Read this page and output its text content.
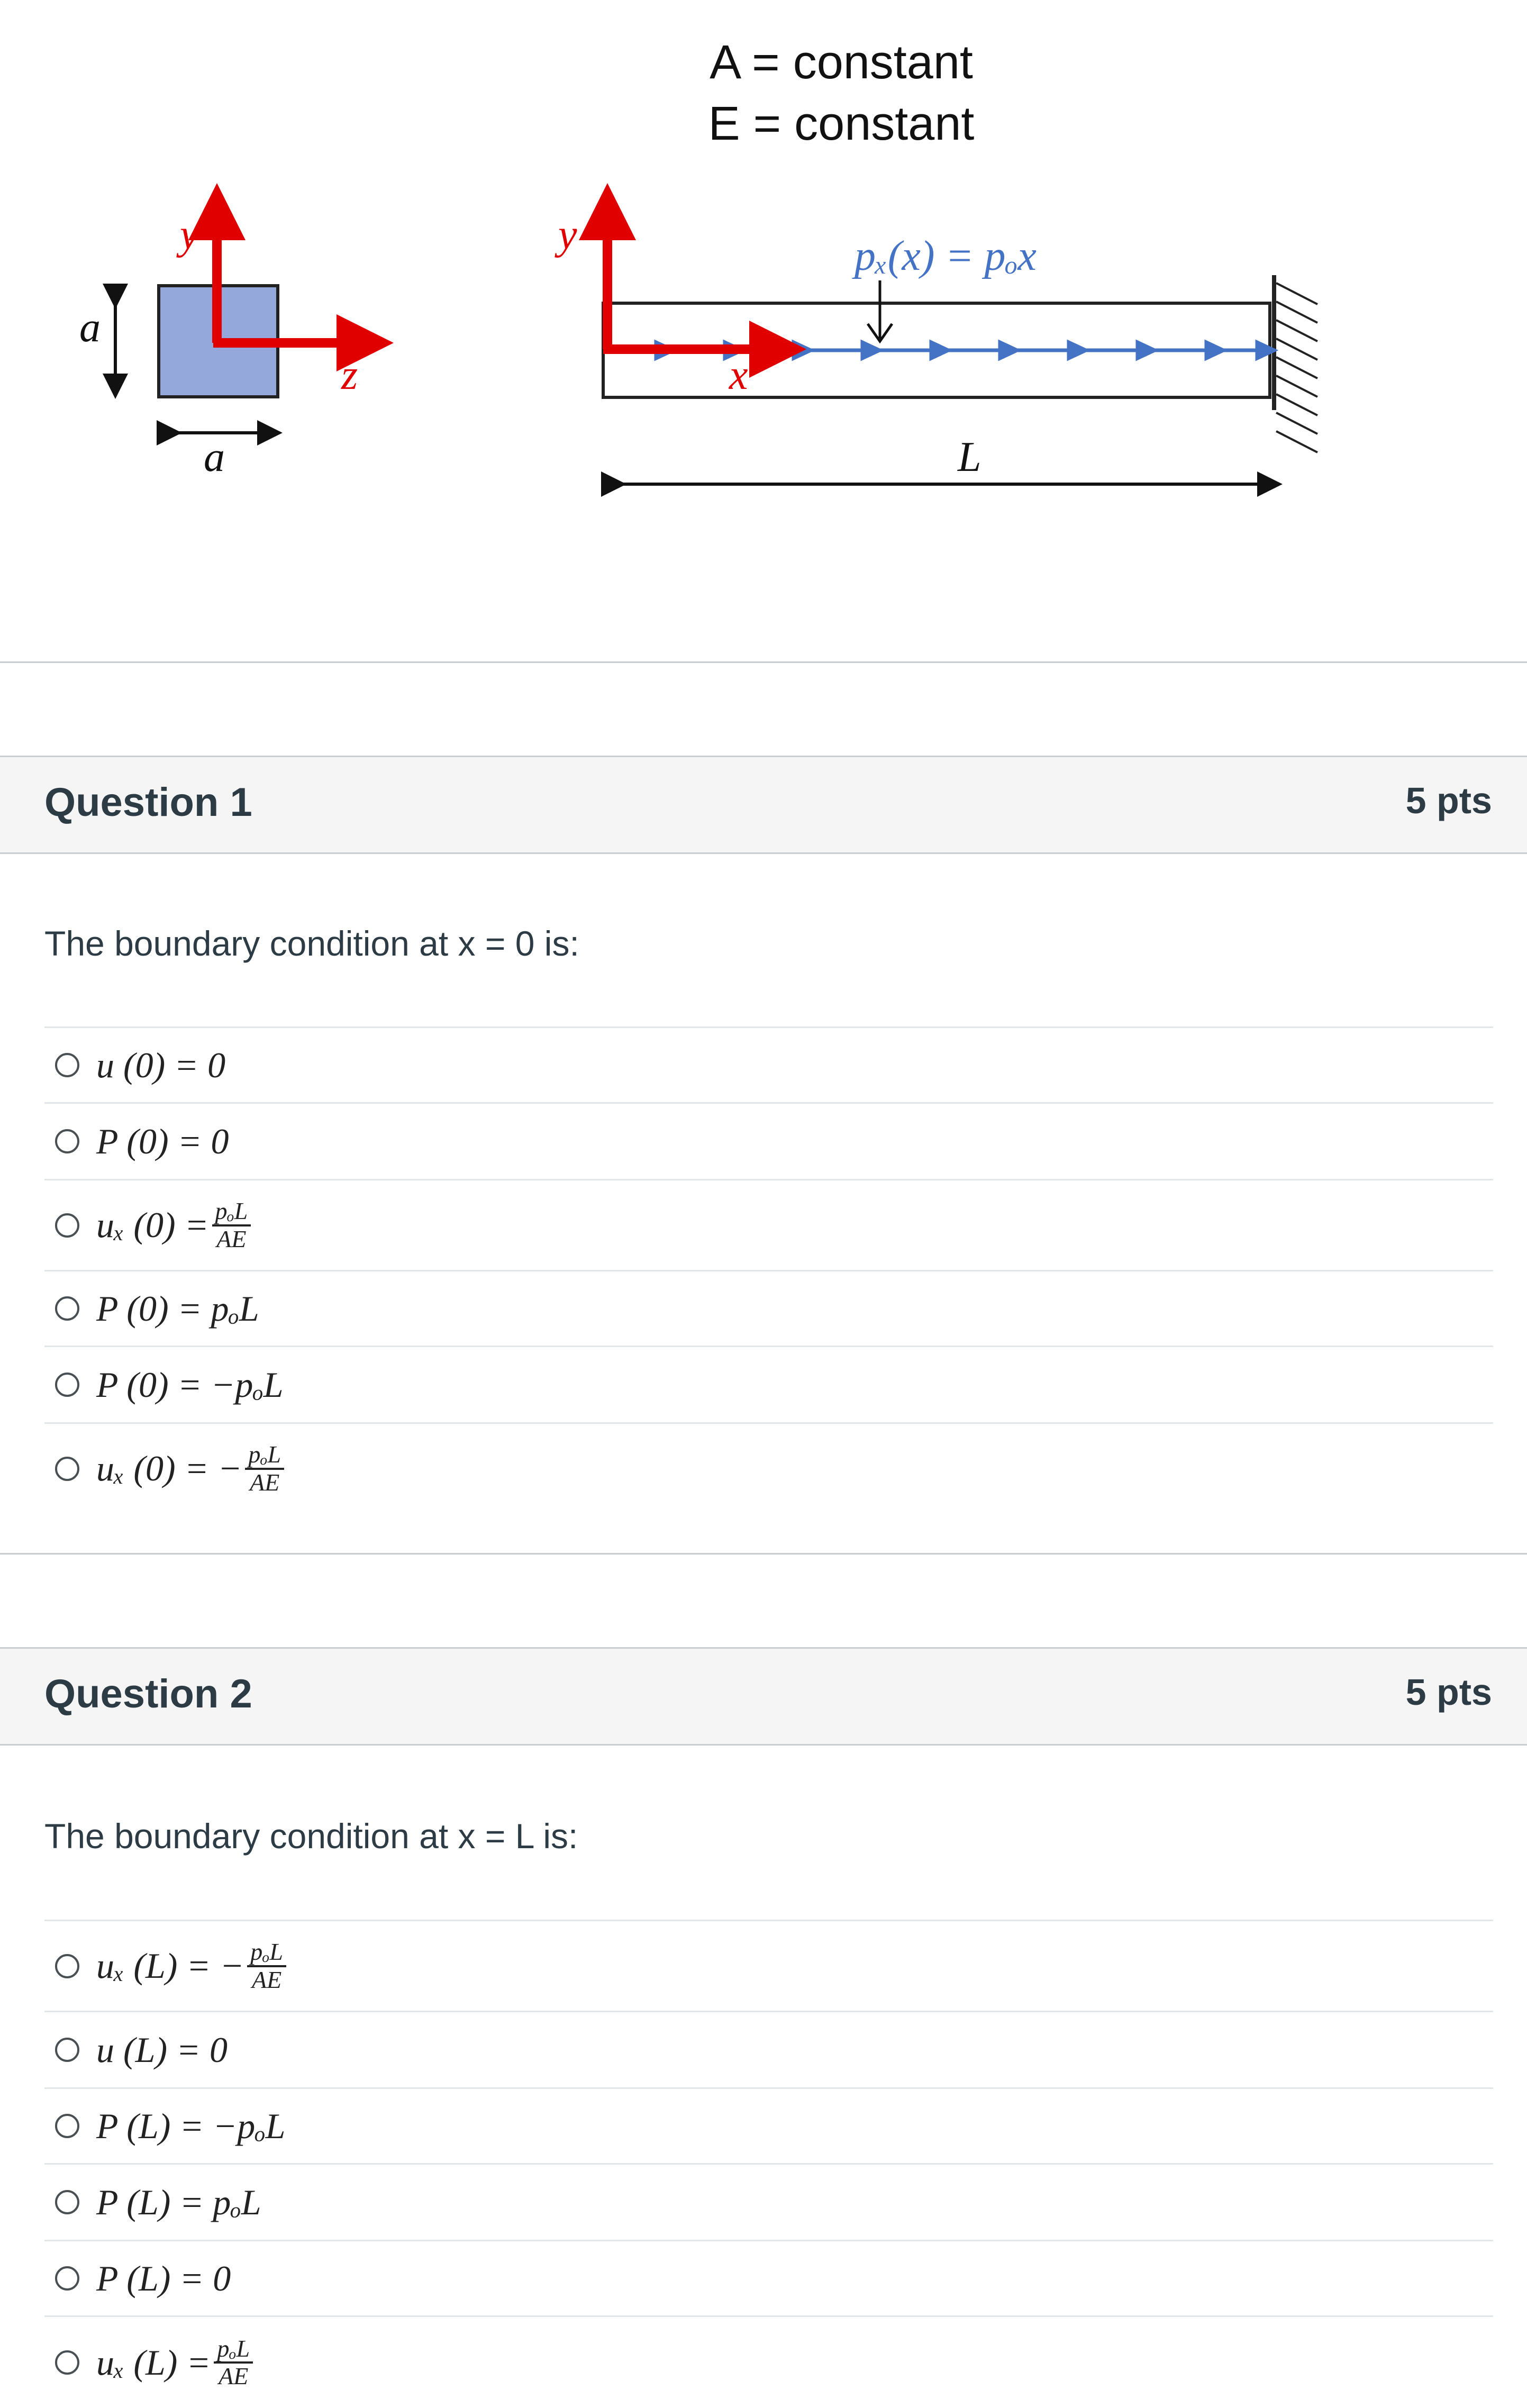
A = constant
E = constant
y
z
a
a
y
x
pₓ(x) = pₒx
L
Question 1	5 pts
The boundary condition at x = 0 is:
u (0) = 0
P (0) = 0
uₓ $(0) = \frac{\text{pₒL}}{AE}$
P (0) = pₒL
P (0) = −pₒL
uₓ (0) = − $\frac{\text{pₒL}}{AE}$
Question 2	5 pts
The boundary condition at x = L is:
uₓ (L) = − $\frac{\text{pₒL}}{AE}$
u (L) = 0
P (L) = −pₒL
P (L) = pₒL
P (L) = 0
uₓ $(L) = \frac{\text{pₒL}}{AE}$
